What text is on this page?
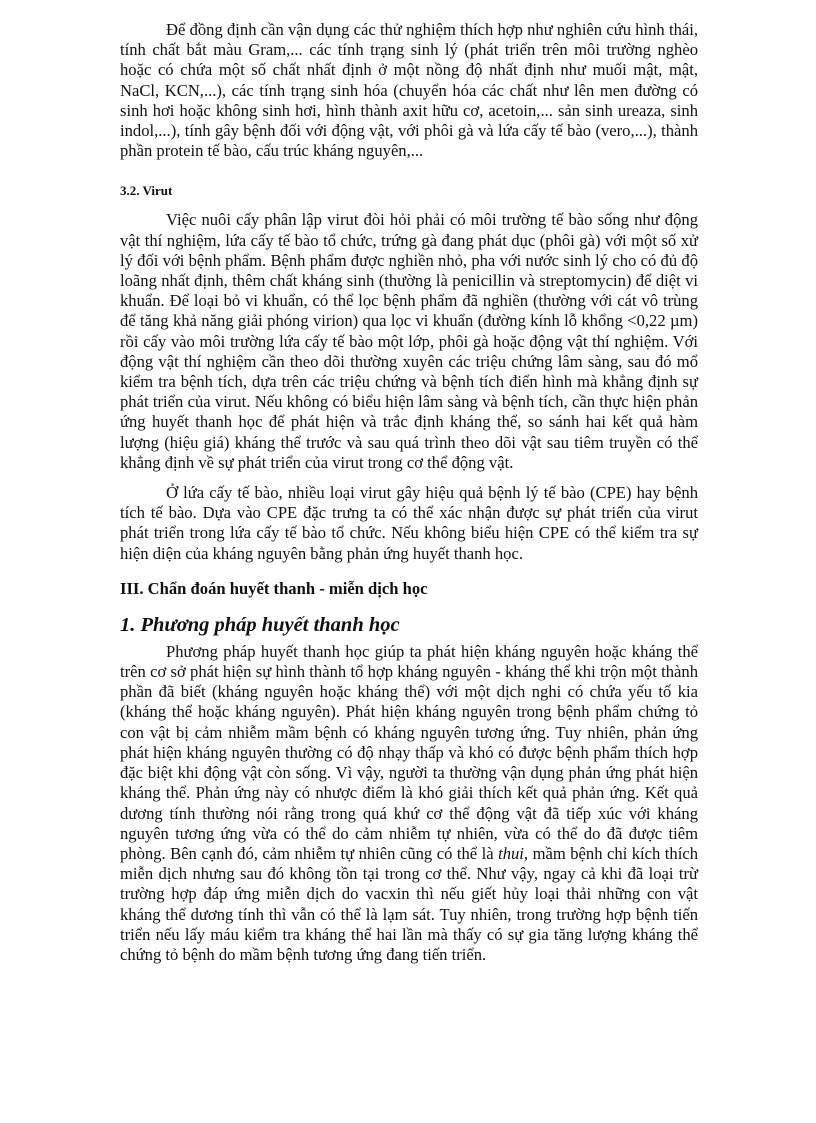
Để đồng định cần vận dụng các thử nghiệm thích hợp như nghiên cứu hình thái, tính chất bắt màu Gram,... các tính trạng sinh lý (phát triển trên môi trường nghèo hoặc có chứa một số chất nhất định ở một nồng độ nhất định như muối mật, mật, NaCl, KCN,...), các tính trạng sinh hóa (chuyển hóa các chất như lên men đường có sinh hơi hoặc không sinh hơi, hình thành axit hữu cơ, acetoin,... sản sinh ureaza, sinh indol,...), tính gây bệnh đối với động vật, với phôi gà và lứa cấy tế bào (vero,...), thành phần protein tế bào, cấu trúc kháng nguyên,...

3.2. Virut

Việc nuôi cấy phân lập virut đòi hỏi phải có môi trường tế bào sống như động vật thí nghiệm, lứa cấy tế bào tổ chức, trứng gà đang phát dục (phôi gà) với một số xử lý đối với bệnh phẩm. Bệnh phẩm được nghiền nhỏ, pha với nước sinh lý cho có đủ độ loãng nhất định, thêm chất kháng sinh (thường là penicillin và streptomycin) để diệt vi khuẩn. Để loại bỏ vi khuẩn, có thể lọc bệnh phẩm đã nghiền (thường với cát vô trùng để tăng khả năng giải phóng virion) qua lọc vi khuẩn (đường kính lỗ khổng <0,22 µm) rồi cấy vào môi trường lứa cấy tế bào một lớp, phôi gà hoặc động vật thí nghiệm. Với động vật thí nghiệm cần theo dõi thường xuyên các triệu chứng lâm sàng, sau đó mổ kiểm tra bệnh tích, dựa trên các triệu chứng và bệnh tích điển hình mà khẳng định sự phát triển của virut. Nếu không có biểu hiện lâm sàng và bệnh tích, cần thực hiện phản ứng huyết thanh học để phát hiện và trắc định kháng thể, so sánh hai kết quả hàm lượng (hiệu giá) kháng thể trước và sau quá trình theo dõi vật sau tiêm truyền có thể khẳng định về sự phát triển của virut trong cơ thể động vật.

Ở lứa cấy tế bào, nhiều loại virut gây hiệu quả bệnh lý tế bào (CPE) hay bệnh tích tế bào. Dựa vào CPE đặc trưng ta có thể xác nhận được sự phát triển của virut phát triển trong lứa cấy tế bào tổ chức. Nếu không biểu hiện CPE có thể kiểm tra sự hiện diện của kháng nguyên bằng phản ứng huyết thanh học.

III. Chẩn đoán huyết thanh - miễn dịch học
1. Phương pháp huyết thanh học

Phương pháp huyết thanh học giúp ta phát hiện kháng nguyên hoặc kháng thể trên cơ sở phát hiện sự hình thành tổ hợp kháng nguyên - kháng thể khi trộn một thành phần đã biết (kháng nguyên hoặc kháng thể) với một dịch nghi có chứa yếu tố kia (kháng thể hoặc kháng nguyên). Phát hiện kháng nguyên trong bệnh phẩm chứng tỏ con vật bị cảm nhiễm mầm bệnh có kháng nguyên tương ứng. Tuy nhiên, phản ứng phát hiện kháng nguyên thường có độ nhạy thấp và khó có được bệnh phẩm thích hợp đặc biệt khi động vật còn sống. Vì vậy, người ta thường vận dụng phản ứng phát hiện kháng thể. Phản ứng này có nhược điểm là khó giải thích kết quả phản ứng. Kết quả dương tính thường nói rằng trong quá khứ cơ thể động vật đã tiếp xúc với kháng nguyên tương ứng vừa có thể do cảm nhiễm tự nhiên, vừa có thể do đã được tiêm phòng. Bên cạnh đó, cảm nhiễm tự nhiên cũng có thể là thui, mầm bệnh chỉ kích thích miễn dịch nhưng sau đó không tồn tại trong cơ thể. Như vậy, ngay cả khi đã loại trừ trường hợp đáp ứng miễn dịch do vacxin thì nếu giết hủy loại thải những con vật kháng thể dương tính thì vẫn có thể là lạm sát. Tuy nhiên, trong trường hợp bệnh tiến triển nếu lấy máu kiểm tra kháng thể hai lần mà thấy có sự gia tăng lượng kháng thể chứng tỏ bệnh do mầm bệnh tương ứng đang tiến triển.
